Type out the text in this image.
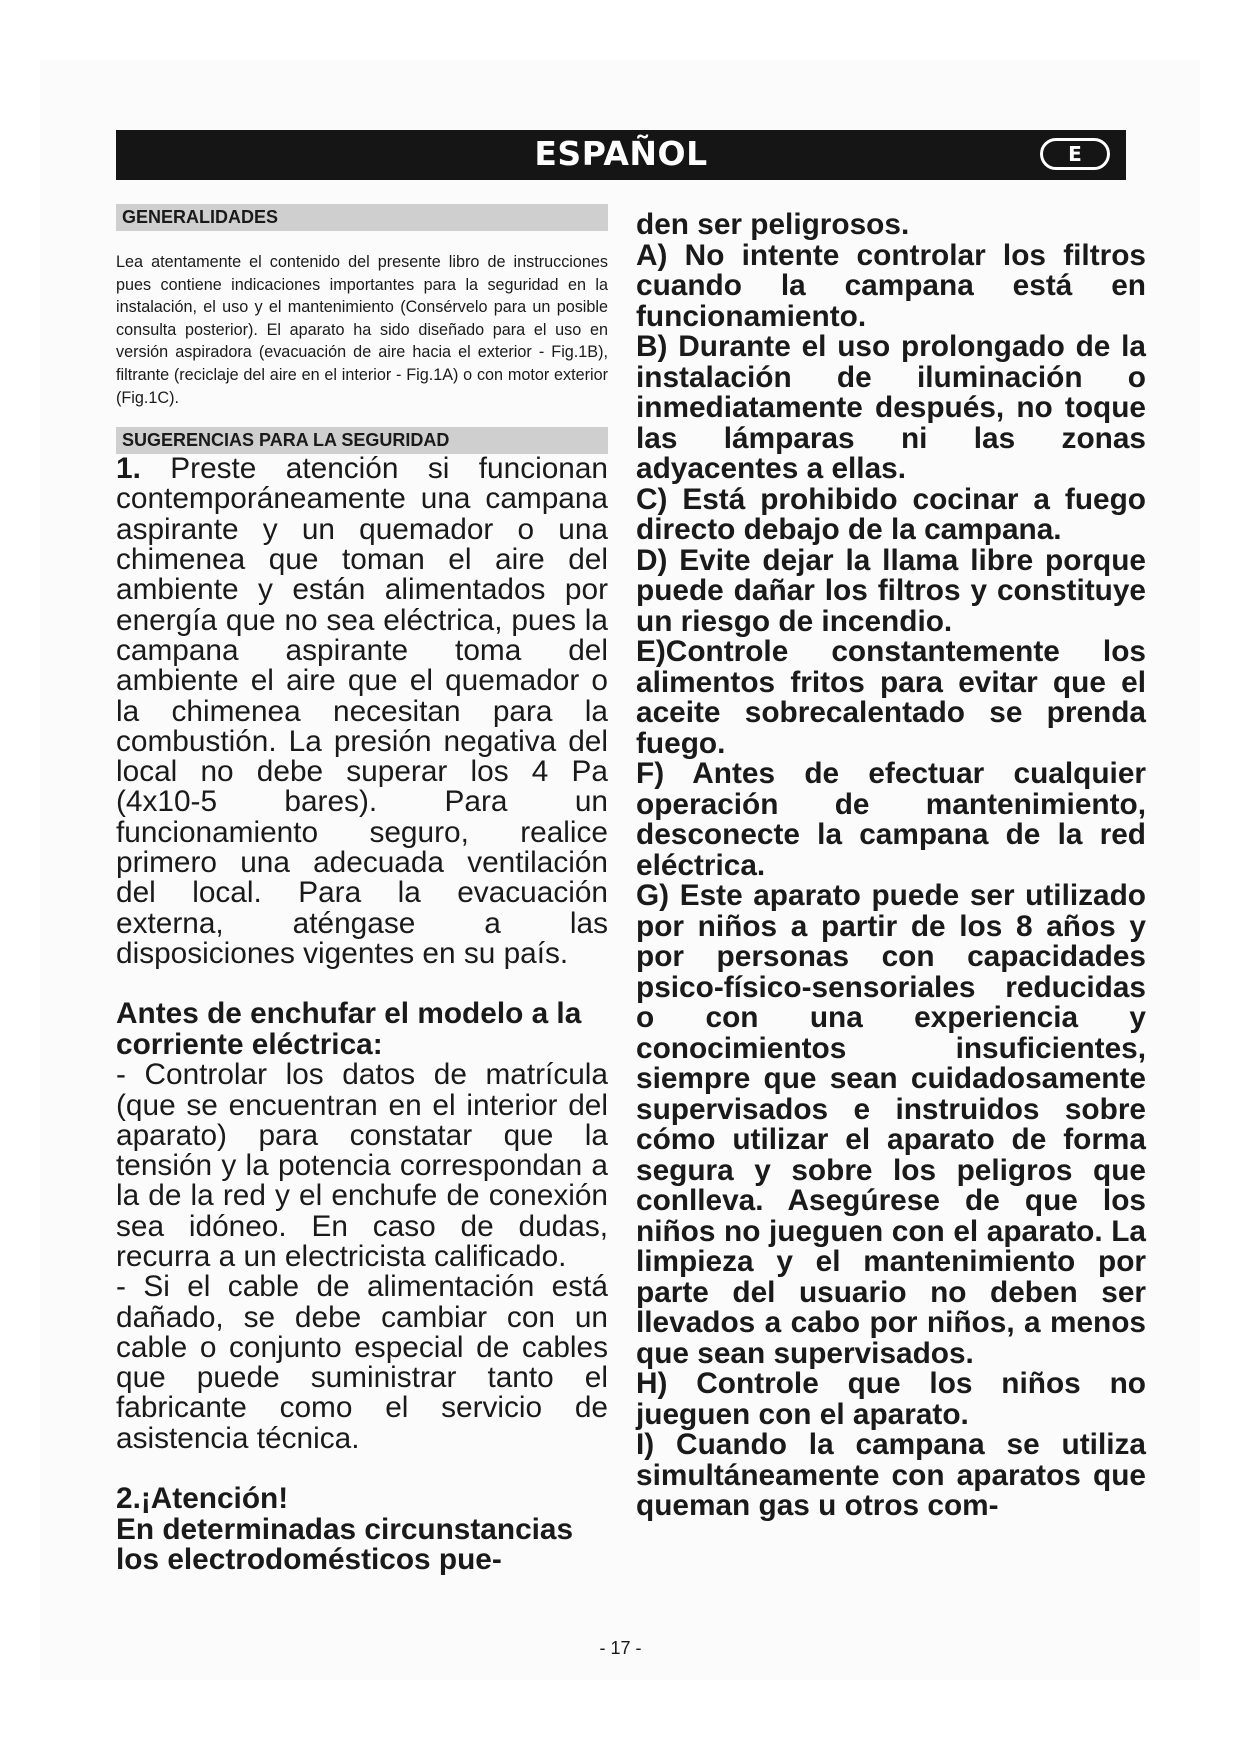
ESPAÑOL	E
GENERALIDADES

Lea atentamente el contenido del presente libro de instrucciones pues contiene indicaciones importantes para la seguridad en la instalación, el uso y el mantenimiento (Consérvelo para un posible consulta posterior). El aparato ha sido diseñado para el uso en versión aspiradora (evacuación de aire hacia el exterior - Fig.1B), filtrante (reciclaje del aire en el interior - Fig.1A) o con motor exterior (Fig.1C).

SUGERENCIAS PARA LA SEGURIDAD

1. Preste atención si funcionan contemporáneamente una campana aspirante y un quemador o una chimenea que toman el aire del ambiente y están alimentados por energía que no sea eléctrica, pues la campana aspirante toma del ambiente el aire que el quemador o la chimenea necesitan para la combustión. La presión negativa del local no debe superar los 4 Pa (4x10-5 bares). Para un funcionamiento seguro, realice primero una adecuada ventilación del local. Para la evacuación externa, aténgase a las disposiciones vigentes en su país.

Antes de enchufar el modelo a la corriente eléctrica:

- Controlar los datos de matrícula (que se encuentran en el interior del aparato) para constatar que la tensión y la potencia correspondan a la de la red y el enchufe de conexión sea idóneo. En caso de dudas, recurra a un electricista calificado.

- Si el cable de alimentación está dañado, se debe cambiar con un cable o conjunto especial de cables que puede suministrar tanto el fabricante como el servicio de asistencia técnica.

2.¡Atención!

En determinadas circunstancias los electrodomésticos pue-

den ser peligrosos.

A) No intente controlar los filtros cuando la campana está en funcionamiento.

B) Durante el uso prolongado de la instalación de iluminación o inmediatamente después, no toque las lámparas ni las zonas adyacentes a ellas.

C) Está prohibido cocinar a fuego directo debajo de la campana.

D) Evite dejar la llama libre porque puede dañar los filtros y constituye un riesgo de incendio.

E)Controle constantemente los alimentos fritos para evitar que el aceite sobrecalentado se prenda fuego.

F) Antes de efectuar cualquier operación de mantenimiento, desconecte la campana de la red eléctrica.

G) Este aparato puede ser utilizado por niños a partir de los 8 años y por personas con capacidades psico-físico-sensoriales reducidas o con una experiencia y conocimientos insuficientes, siempre que sean cuidadosamente supervisados e instruidos sobre cómo utilizar el aparato de forma segura y sobre los peligros que conlleva. Asegúrese de que los niños no jueguen con el aparato. La limpieza y el mantenimiento por parte del usuario no deben ser llevados a cabo por niños, a menos que sean supervisados.

H) Controle que los niños no jueguen con el aparato.

I) Cuando la campana se utiliza simultáneamente con aparatos que queman gas u otros com-

- 17 -
